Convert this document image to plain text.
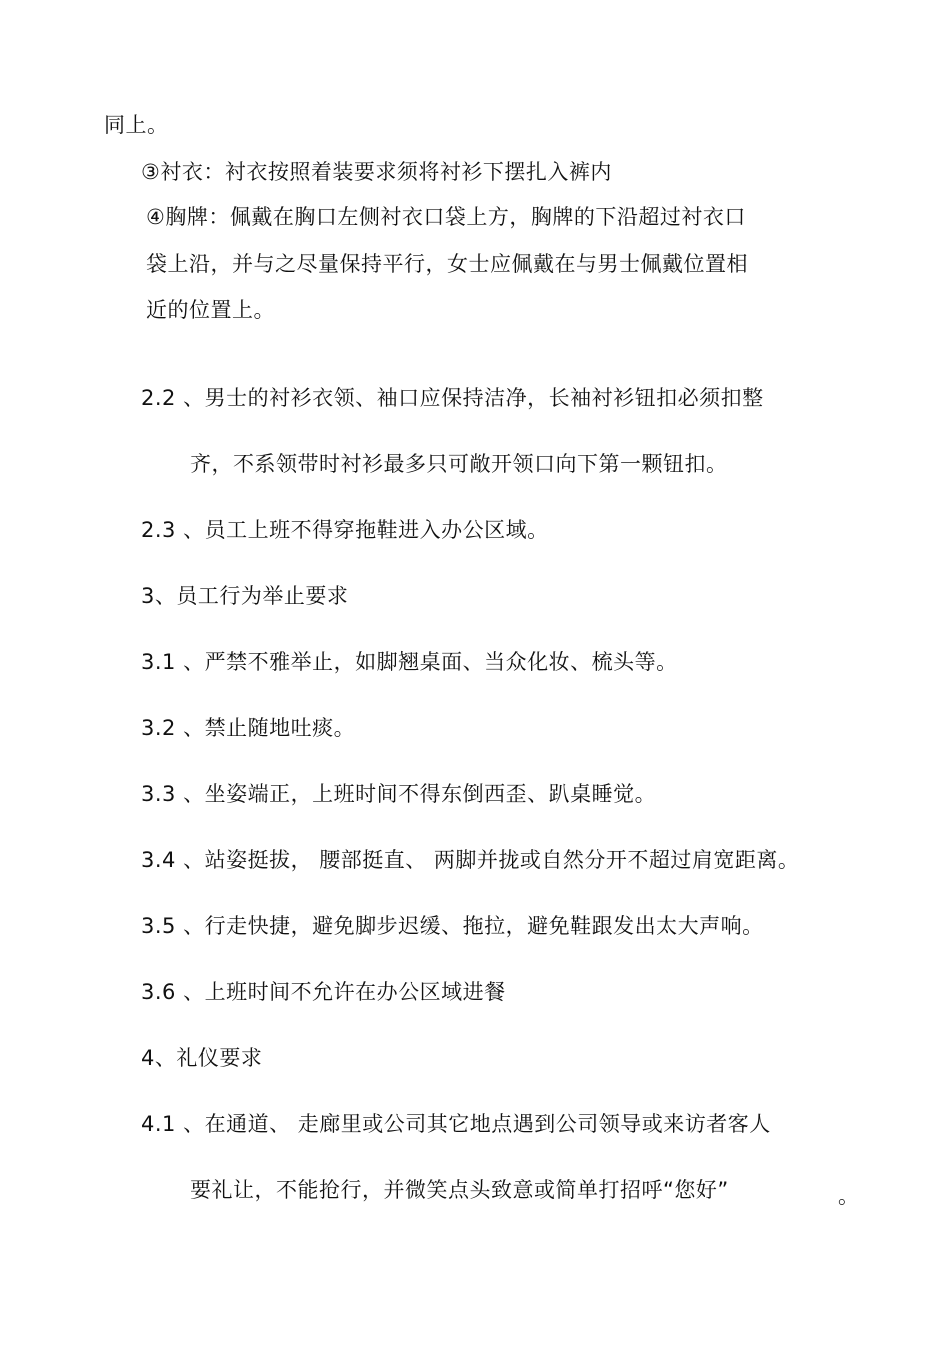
同上。
③衬衣：衬衣按照着装要求须将衬衫下摆扎入裤内
④胸牌：佩戴在胸口左侧衬衣口袋上方，胸牌的下沿超过衬衣口
袋上沿，并与之尽量保持平行，女士应佩戴在与男士佩戴位置相
近的位置上。
2.2 、男士的衬衫衣领、袖口应保持洁净，长袖衬衫钮扣必须扣整
齐，不系领带时衬衫最多只可敞开领口向下第一颗钮扣。
2.3 、员工上班不得穿拖鞋进入办公区域。
3、员工行为举止要求
3.1 、严禁不雅举止，如脚翘桌面、当众化妆、梳头等。
3.2 、禁止随地吐痰。
3.3 、坐姿端正，上班时间不得东倒西歪、趴桌睡觉。
3.4 、站姿挺拔， 腰部挺直、 两脚并拢或自然分开不超过肩宽距离。
3.5 、行走快捷，避免脚步迟缓、拖拉，避免鞋跟发出太大声响。
3.6 、上班时间不允许在办公区域进餐
4、礼仪要求
4.1 、在通道、 走廊里或公司其它地点遇到公司领导或来访者客人
要礼让，不能抢行，并微笑点头致意或简单打招呼“您好”	。
